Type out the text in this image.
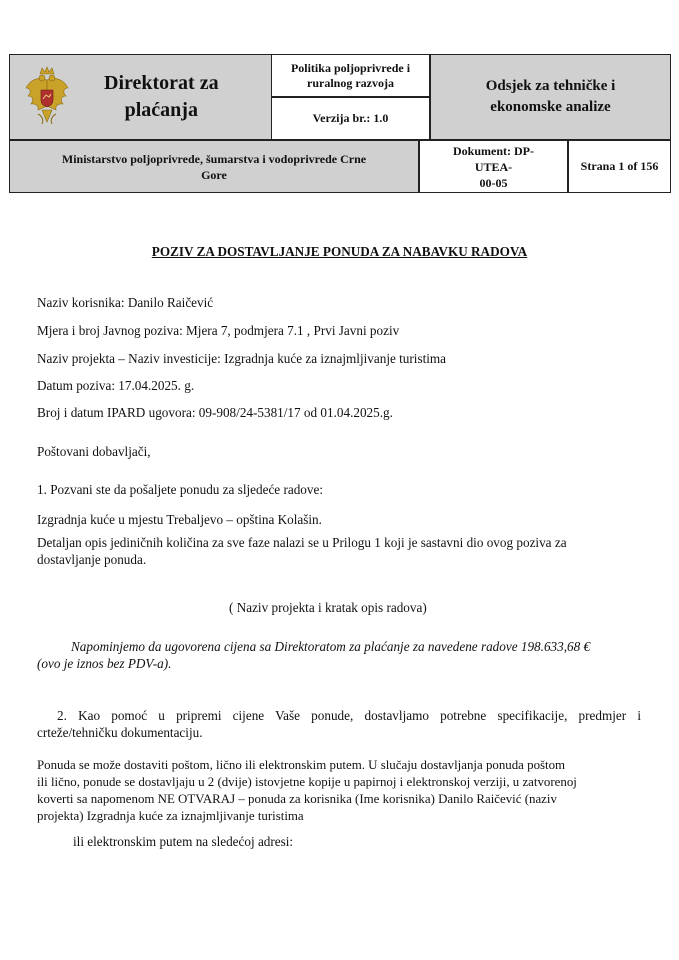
Direktorat za
plaćanja
Politika poljoprivrede i
ruralnog razvoja
Verzija br.: 1.0
Odsjek za tehničke i
ekonomske analize
Ministarstvo poljoprivrede, šumarstva i vodoprivrede Crne
Gore
Dokument: DP-UTEA-
00-05
Strana 1 of 156
POZIV ZA DOSTAVLJANJE PONUDA ZA NABAVKU RADOVA
Naziv korisnika: Danilo Raičević
Mjera i broj Javnog poziva: Mjera 7, podmjera 7.1 , Prvi Javni poziv
Naziv projekta – Naziv investicije: Izgradnja kuće za iznajmljivanje turistima
Datum poziva: 17.04.2025. g.
Broj i datum IPARD ugovora: 09-908/24-5381/17 od 01.04.2025.g.
Poštovani dobavljači,
1. Pozvani ste da pošaljete ponudu za sljedeće radove:
Izgradnja kuće u mjestu Trebaljevo – opština Kolašin.
Detaljan opis jediničnih količina za sve faze nalazi se u Prilogu 1 koji je sastavni dio ovog poziva za
dostavljanje ponuda.
( Naziv projekta i kratak opis radova)
Napominjemo da ugovorena cijena sa Direktoratom za plaćanje za navedene radove 198.633,68 €
(ovo je iznos bez PDV-a).
2. Kao pomoć u pripremi cijene Vaše ponude, dostavljamo potrebne specifikacije, predmjer i
crteže/tehničku dokumentaciju.
Ponuda se može dostaviti poštom, lično ili elektronskim putem. U slučaju dostavljanja ponuda poštom
ili lično, ponude se dostavljaju u 2 (dvije) istovjetne kopije u papirnoj i elektronskoj verziji, u zatvorenoj
koverti sa napomenom NE OTVARAJ – ponuda za korisnika (Ime korisnika) Danilo Raičević (naziv
projekta) Izgradnja kuće za iznajmljivanje turistima
ili elektronskim putem na sledećoj adresi:
